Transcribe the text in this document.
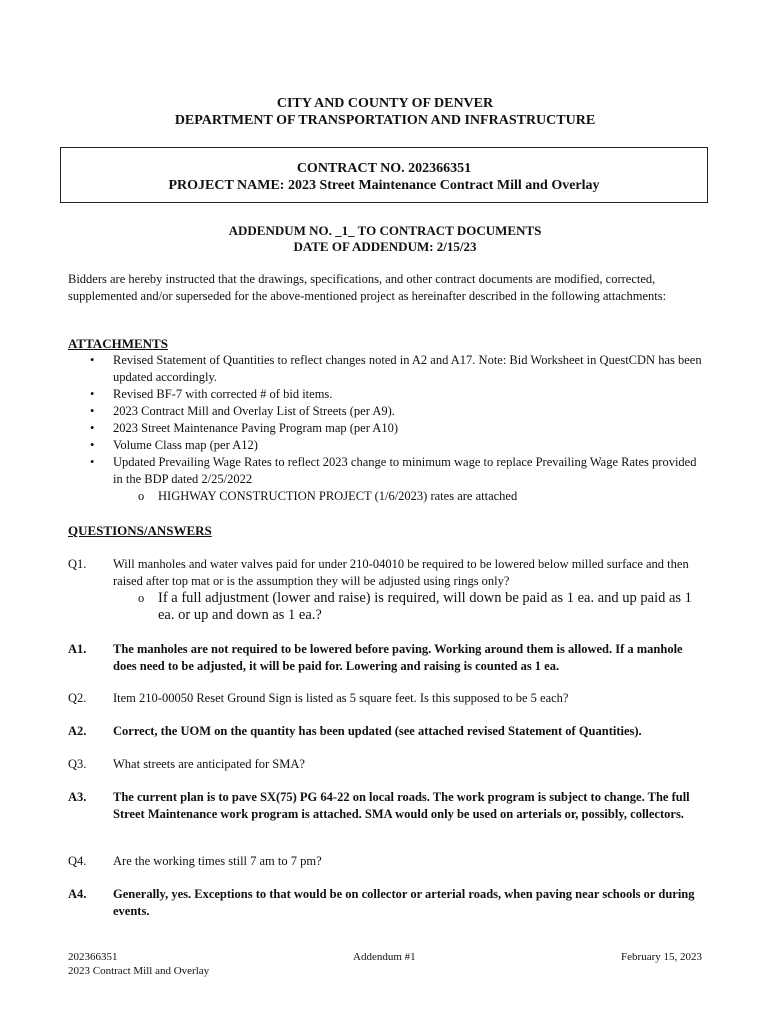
CITY AND COUNTY OF DENVER
DEPARTMENT OF TRANSPORTATION AND INFRASTRUCTURE
CONTRACT NO. 202366351
PROJECT NAME: 2023 Street Maintenance Contract Mill and Overlay
ADDENDUM NO. _1_ TO CONTRACT DOCUMENTS
DATE OF ADDENDUM: 2/15/23
Bidders are hereby instructed that the drawings, specifications, and other contract documents are modified, corrected, supplemented and/or superseded for the above-mentioned project as hereinafter described in the following attachments:
ATTACHMENTS
• Revised Statement of Quantities to reflect changes noted in A2 and A17. Note: Bid Worksheet in QuestCDN has been updated accordingly.
• Revised BF-7 with corrected # of bid items.
• 2023 Contract Mill and Overlay List of Streets (per A9).
• 2023 Street Maintenance Paving Program map (per A10)
• Volume Class map (per A12)
• Updated Prevailing Wage Rates to reflect 2023 change to minimum wage to replace Prevailing Wage Rates provided in the BDP dated 2/25/2022
o HIGHWAY CONSTRUCTION PROJECT (1/6/2023) rates are attached
QUESTIONS/ANSWERS
Q1.	Will manholes and water valves paid for under 210-04010 be required to be lowered below milled surface and then raised after top mat or is the assumption they will be adjusted using rings only?
o If a full adjustment (lower and raise) is required, will down be paid as 1 ea. and up paid as 1 ea. or up and down as 1 ea.?
A1.	The manholes are not required to be lowered before paving. Working around them is allowed. If a manhole does need to be adjusted, it will be paid for. Lowering and raising is counted as 1 ea.
Q2.	Item 210-00050 Reset Ground Sign is listed as 5 square feet. Is this supposed to be 5 each?
A2.	Correct, the UOM on the quantity has been updated (see attached revised Statement of Quantities).
Q3.	What streets are anticipated for SMA?
A3.	The current plan is to pave SX(75) PG 64-22 on local roads. The work program is subject to change. The full Street Maintenance work program is attached. SMA would only be used on arterials or, possibly, collectors.
Q4.	Are the working times still 7 am to 7 pm?
A4.	Generally, yes. Exceptions to that would be on collector or arterial roads, when paving near schools or during events.
202366351
2023 Contract Mill and Overlay
Addendum #1	February 15, 2023
